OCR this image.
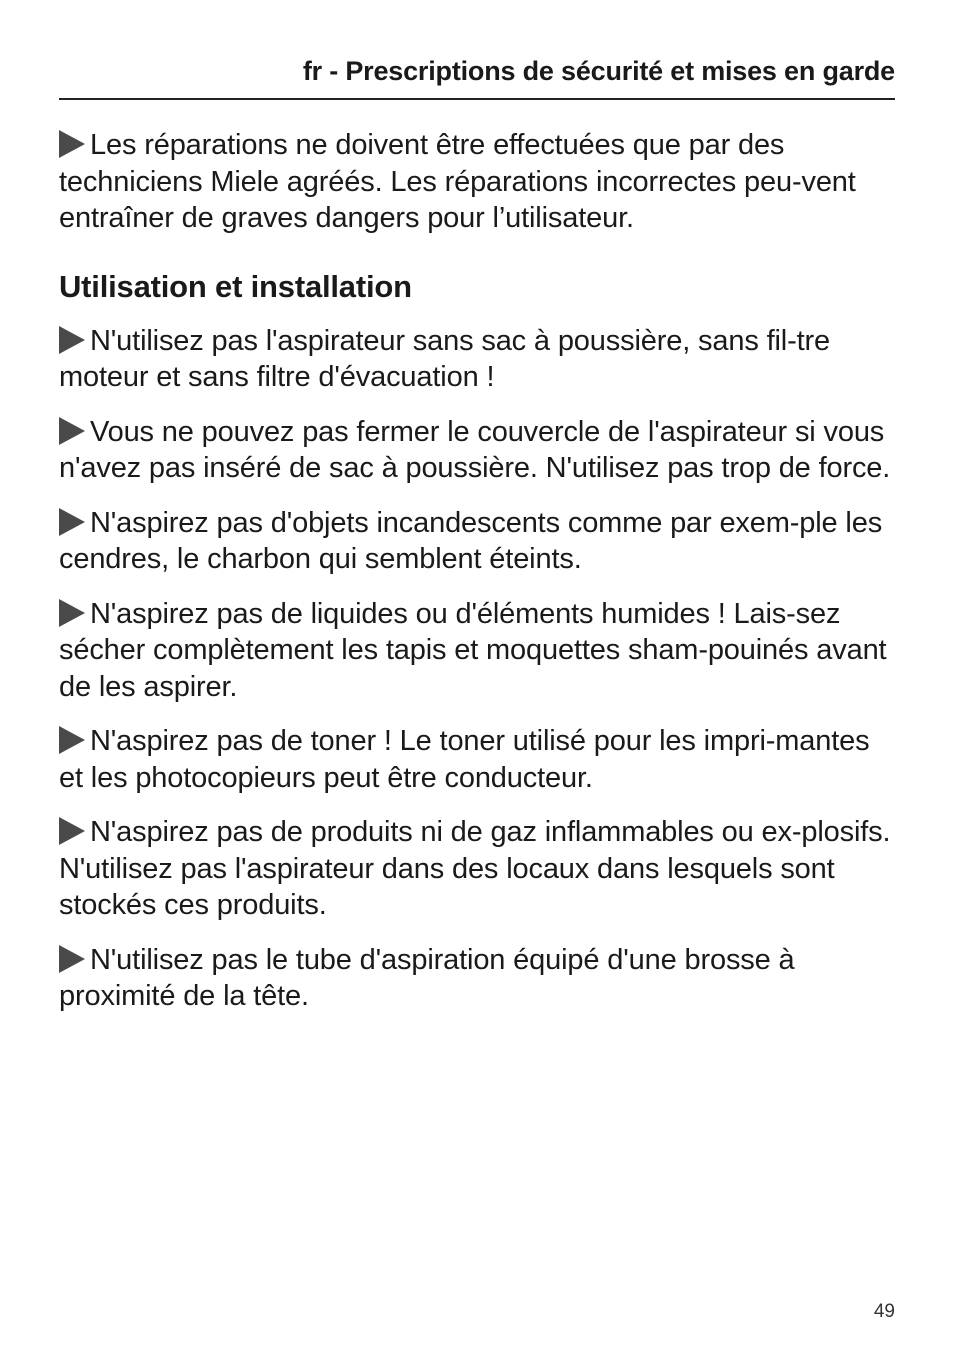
fr - Prescriptions de sécurité et mises en garde

Les réparations ne doivent être effectuées que par des techniciens Miele agréés. Les réparations incorrectes peu-vent entraîner de graves dangers pour l’utilisateur.

Utilisation et installation

N'utilisez pas l'aspirateur sans sac à poussière, sans fil-tre moteur et sans filtre d'évacuation !

Vous ne pouvez pas fermer le couvercle de l'aspirateur si vous n'avez pas inséré de sac à poussière. N'utilisez pas trop de force.

N'aspirez pas d'objets incandescents comme par exem-ple les cendres, le charbon qui semblent éteints.

N'aspirez pas de liquides ou d'éléments humides ! Lais-sez sécher complètement les tapis et moquettes sham-pouinés avant de les aspirer.

N'aspirez pas de toner ! Le toner utilisé pour les impri-mantes et les photocopieurs peut être conducteur.

N'aspirez pas de produits ni de gaz inflammables ou ex-plosifs. N'utilisez pas l'aspirateur dans des locaux dans lesquels sont stockés ces produits.

N'utilisez pas le tube d'aspiration équipé d'une brosse à proximité de la tête.

49
